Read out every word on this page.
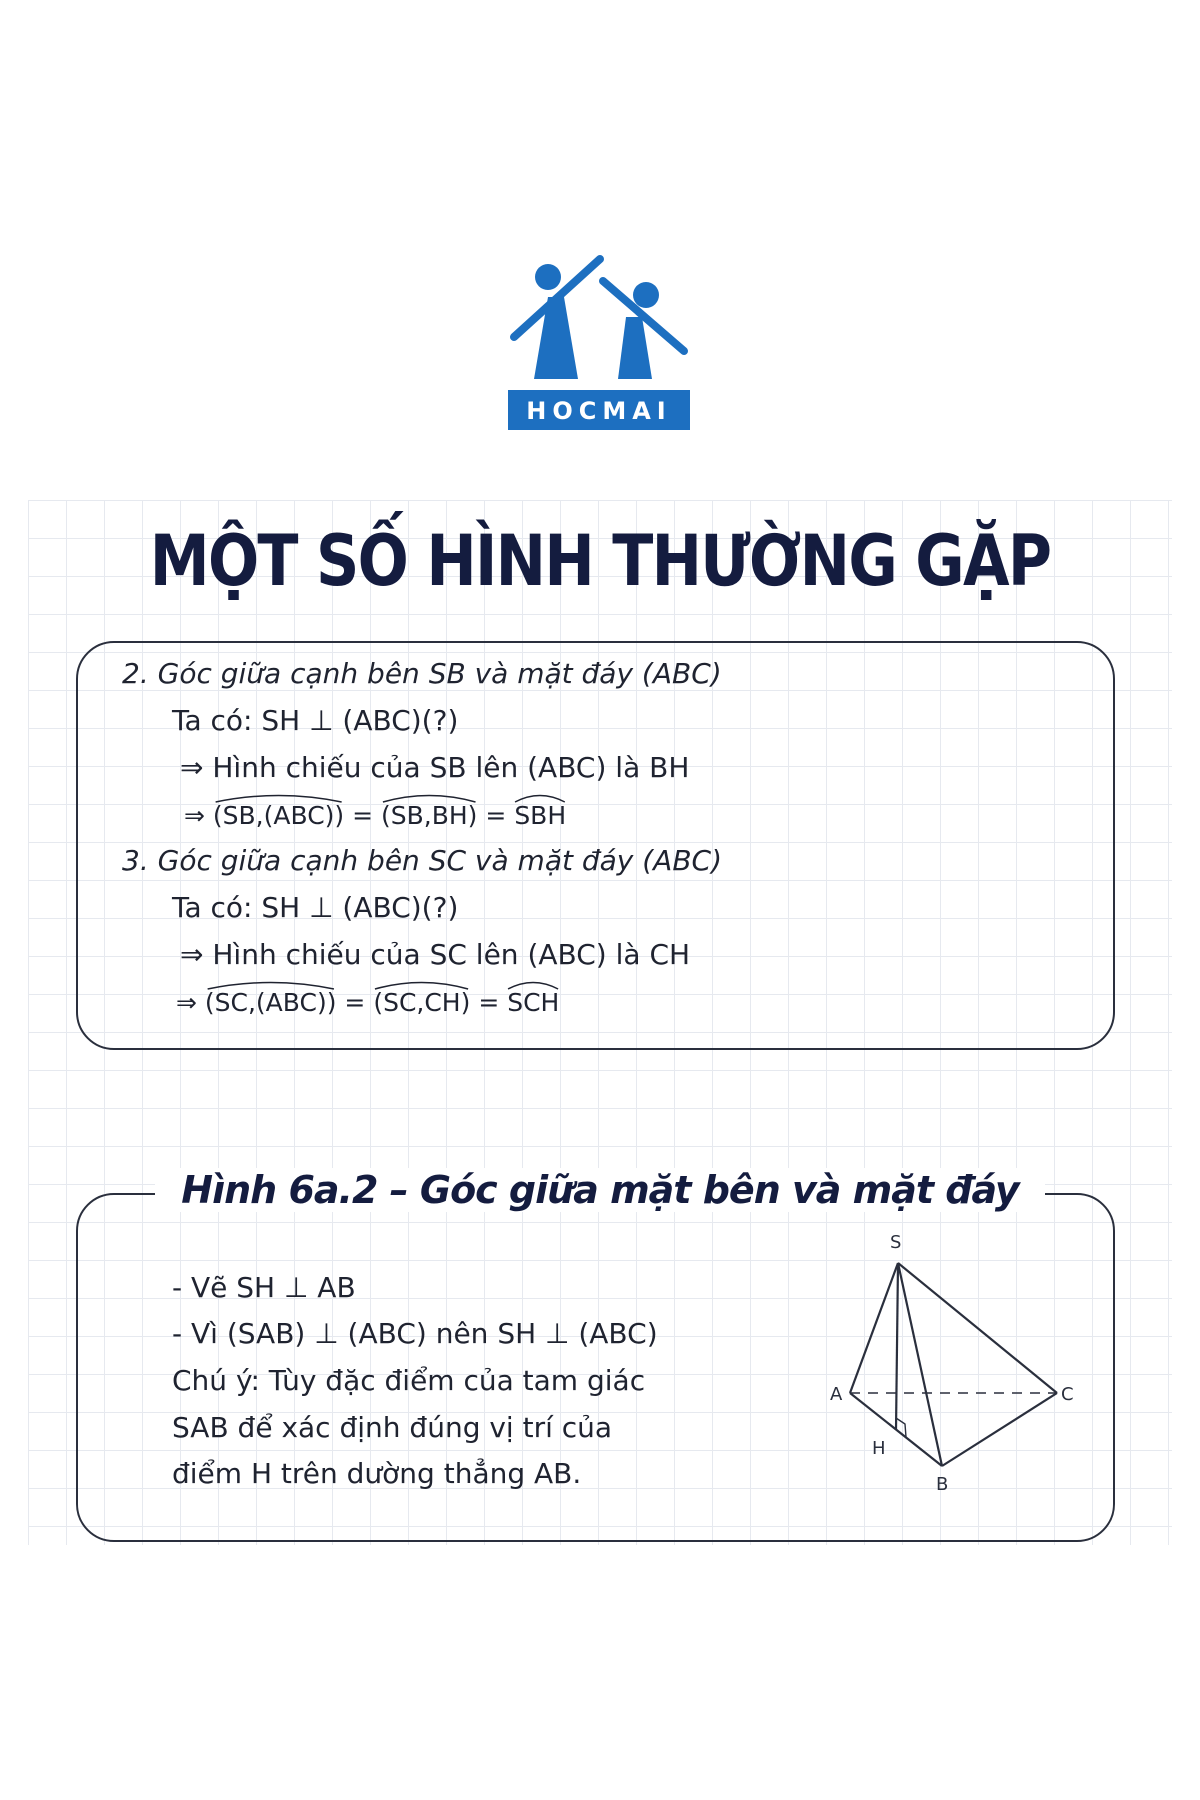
HOCMAI
MỘT SỐ HÌNH THƯỜNG GẶP
2. Góc giữa cạnh bên SB và mặt đáy (ABC)
Ta có: SH ⊥ (ABC)(?)
⇒ Hình chiếu của SB lên (ABC) là BH
⇒ (SB,(ABC)) = (SB,BH) = SBH
3. Góc giữa cạnh bên SC và mặt đáy (ABC)
Ta có: SH ⊥ (ABC)(?)
⇒ Hình chiếu của SC lên (ABC) là CH
⇒ (SC,(ABC)) = (SC,CH) = SCH
Hình 6a.2 – Góc giữa mặt bên và mặt đáy
- Vẽ SH ⊥ AB
- Vì (SAB) ⊥ (ABC) nên SH ⊥ (ABC)
Chú ý: Tùy đặc điểm của tam giác
SAB để xác định đúng vị trí của
điểm H trên dường thẳng AB.
S
A	C
B
H
